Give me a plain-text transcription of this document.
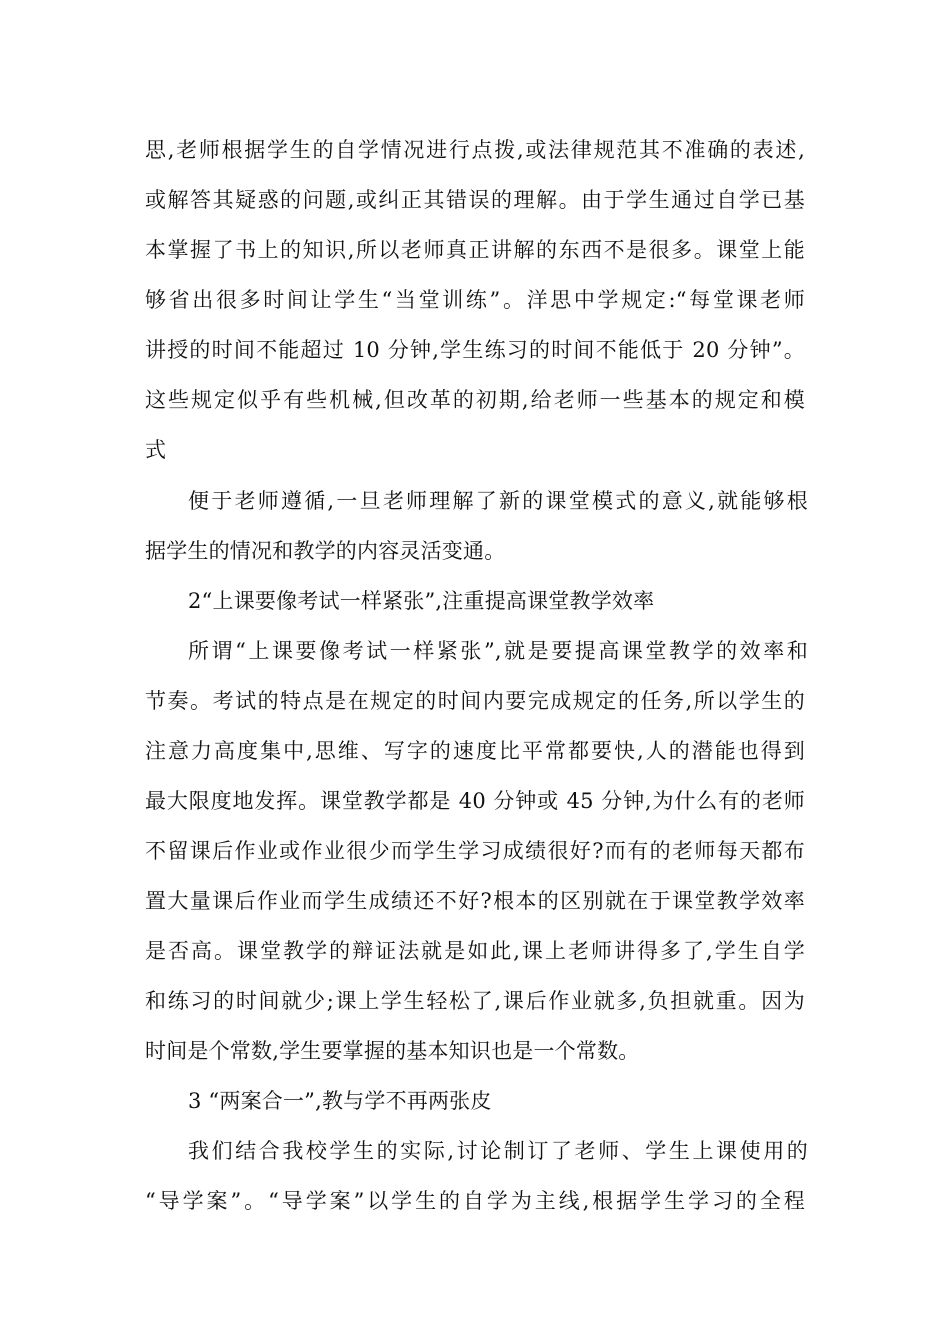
思,老师根据学生的自学情况进行点拨,或法律规范其不准确的表述,
或解答其疑惑的问题,或纠正其错误的理解。由于学生通过自学已基
本掌握了书上的知识,所以老师真正讲解的东西不是很多。课堂上能
够省出很多时间让学生“当堂训练”。洋思中学规定:“每堂课老师
讲授的时间不能超过 10 分钟,学生练习的时间不能低于 20 分钟”。
这些规定似乎有些机械,但改革的初期,给老师一些基本的规定和模
式
便于老师遵循,一旦老师理解了新的课堂模式的意义,就能够根
据学生的情况和教学的内容灵活变通。
2“上课要像考试一样紧张”,注重提高课堂教学效率
所谓“上课要像考试一样紧张”,就是要提高课堂教学的效率和
节奏。考试的特点是在规定的时间内要完成规定的任务,所以学生的
注意力高度集中,思维、写字的速度比平常都要快,人的潜能也得到
最大限度地发挥。课堂教学都是 40 分钟或 45 分钟,为什么有的老师
不留课后作业或作业很少而学生学习成绩很好?而有的老师每天都布
置大量课后作业而学生成绩还不好?根本的区别就在于课堂教学效率
是否高。课堂教学的辩证法就是如此,课上老师讲得多了,学生自学
和练习的时间就少;课上学生轻松了,课后作业就多,负担就重。因为
时间是个常数,学生要掌握的基本知识也是一个常数。
3 “两案合一”,教与学不再两张皮
我们结合我校学生的实际,讨论制订了老师、学生上课使用的
“导学案”。“导学案”以学生的自学为主线,根据学生学习的全程
